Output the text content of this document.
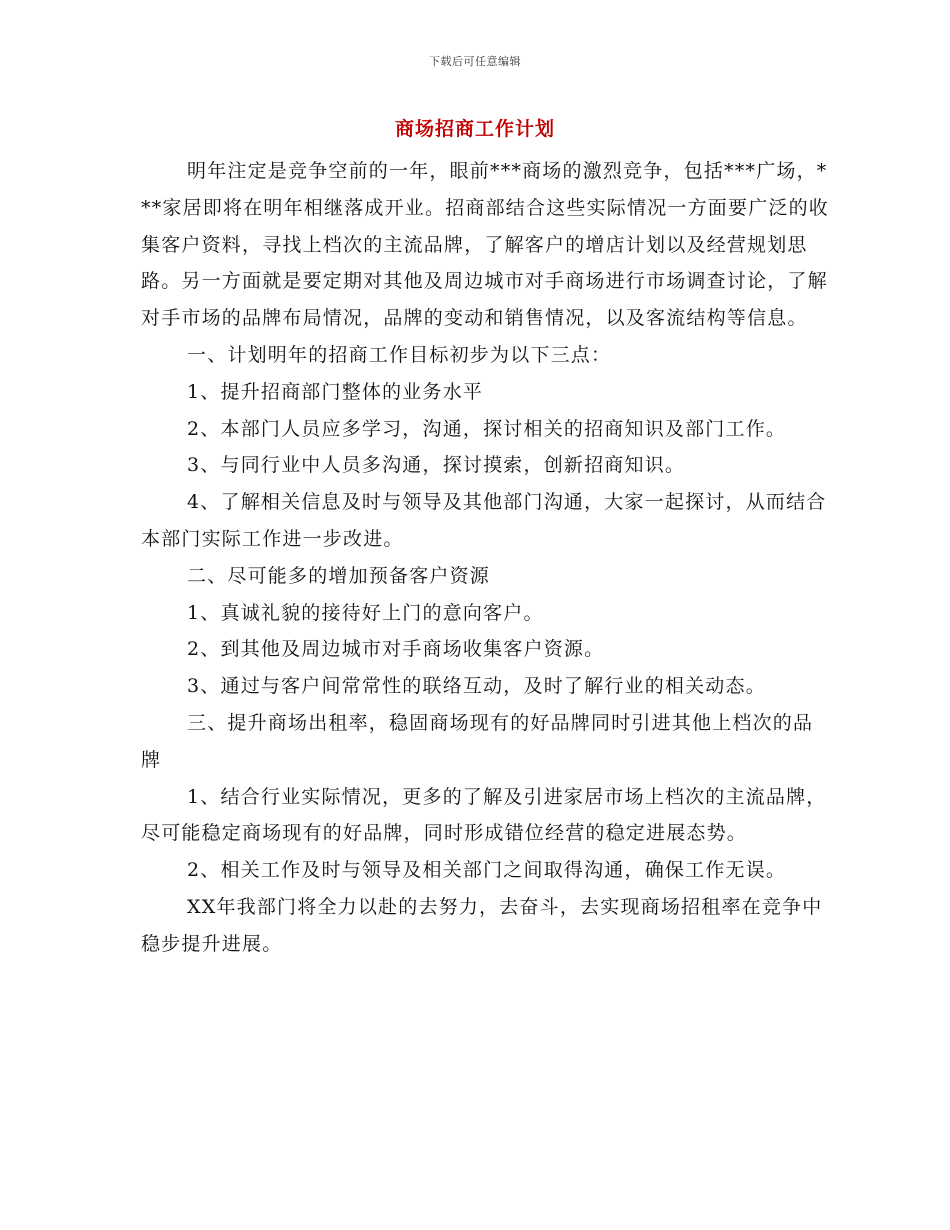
下载后可任意编辑
商场招商工作计划

明年注定是竞争空前的一年，眼前***商场的激烈竞争，包括***广场，***家居即将在明年相继落成开业。招商部结合这些实际情况一方面要广泛的收集客户资料，寻找上档次的主流品牌，了解客户的增店计划以及经营规划思路。另一方面就是要定期对其他及周边城市对手商场进行市场调查讨论，了解对手市场的品牌布局情况，品牌的变动和销售情况，以及客流结构等信息。

一、计划明年的招商工作目标初步为以下三点：

1、提升招商部门整体的业务水平

2、本部门人员应多学习，沟通，探讨相关的招商知识及部门工作。

3、与同行业中人员多沟通，探讨摸索，创新招商知识。

4、了解相关信息及时与领导及其他部门沟通，大家一起探讨，从而结合本部门实际工作进一步改进。

二、尽可能多的增加预备客户资源

1、真诚礼貌的接待好上门的意向客户。

2、到其他及周边城市对手商场收集客户资源。

3、通过与客户间常常性的联络互动，及时了解行业的相关动态。

三、提升商场出租率，稳固商场现有的好品牌同时引进其他上档次的品牌

1、结合行业实际情况，更多的了解及引进家居市场上档次的主流品牌，尽可能稳定商场现有的好品牌，同时形成错位经营的稳定进展态势。

2、相关工作及时与领导及相关部门之间取得沟通，确保工作无误。

XX年我部门将全力以赴的去努力，去奋斗，去实现商场招租率在竞争中稳步提升进展。
